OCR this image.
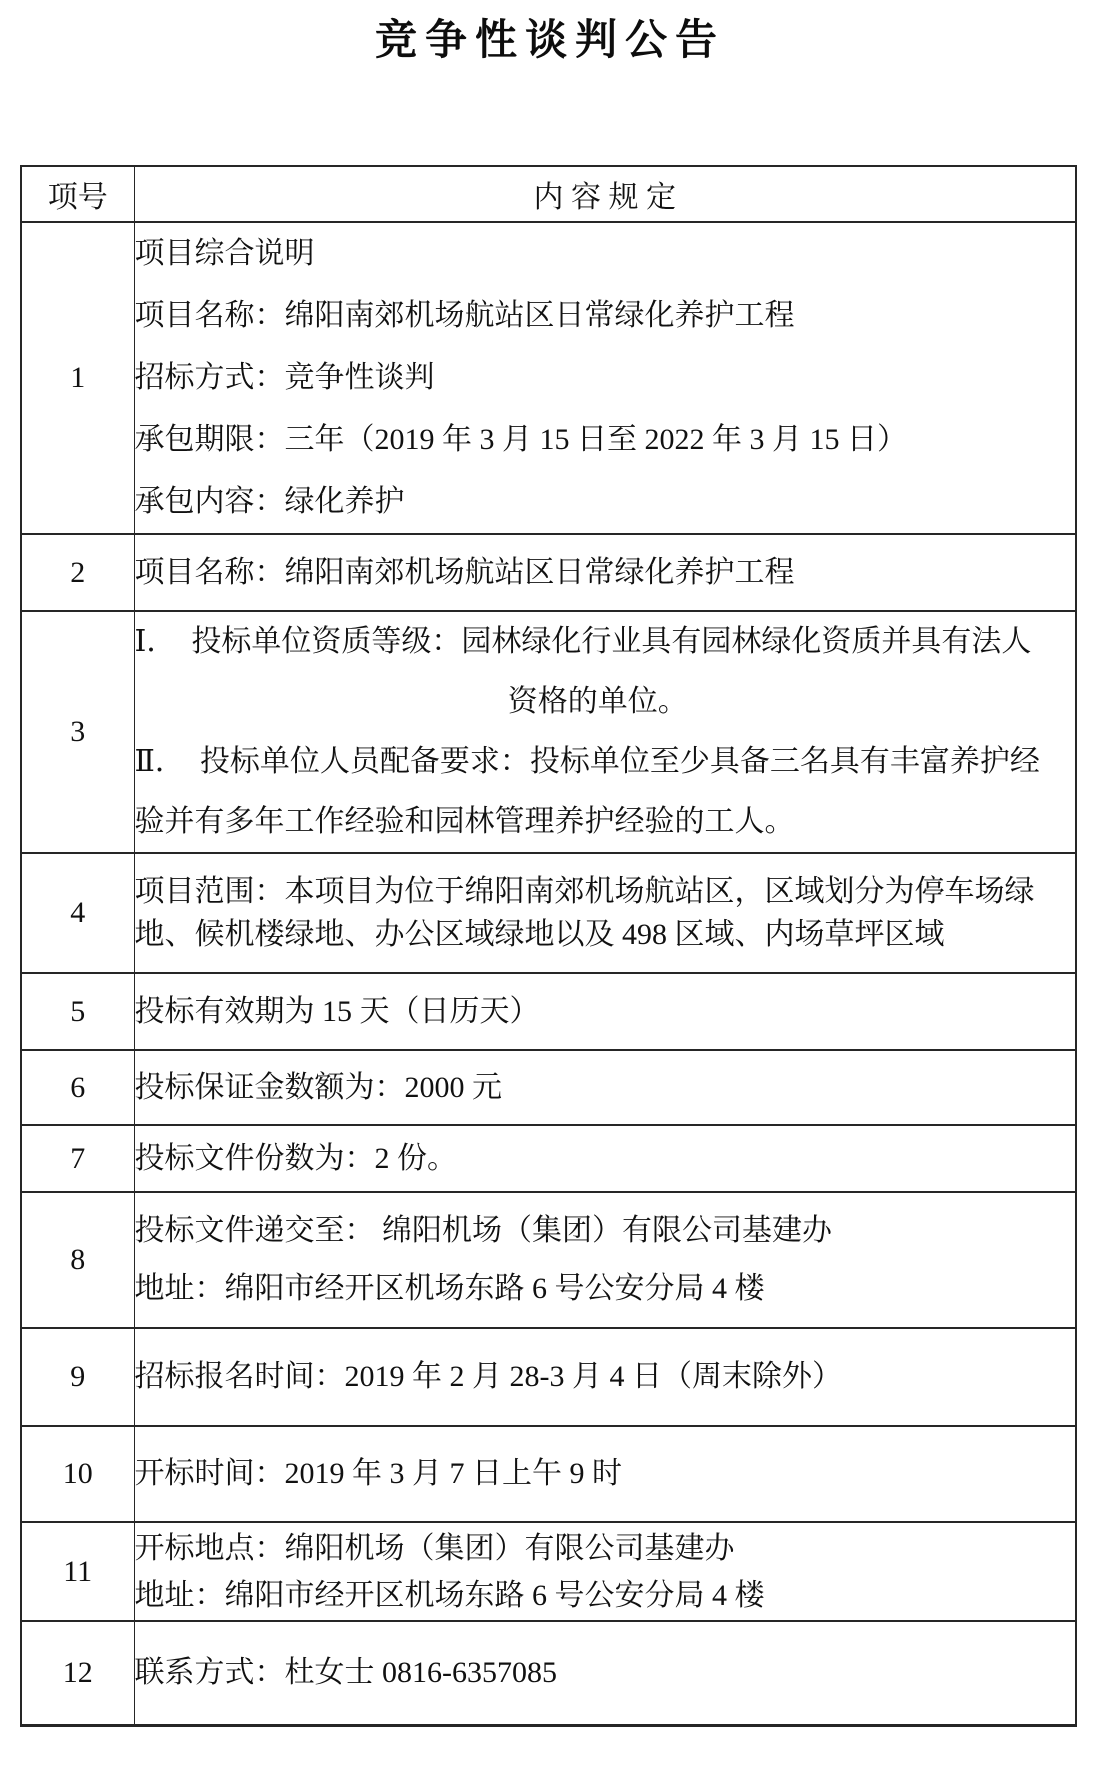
竞争性谈判公告
项号	内 容 规 定
1	项目综合说明
项目名称：绵阳南郊机场航站区日常绿化养护工程
招标方式：竞争性谈判
承包期限：三年（2019 年 3 月 15 日至 2022 年 3 月 15 日）
承包内容：绿化养护

2	项目名称：绵阳南郊机场航站区日常绿化养护工程

3	Ⅰ．  投标单位资质等级：园林绿化行业具有园林绿化资质并具有法人
资格的单位。
Ⅱ．  投标单位人员配备要求：投标单位至少具备三名具有丰富养护经
验并有多年工作经验和园林管理养护经验的工人。

4	项目范围：本项目为位于绵阳南郊机场航站区，区域划分为停车场绿
地、候机楼绿地、办公区域绿地以及 498 区域、内场草坪区域

5	投标有效期为 15 天（日历天）

6	投标保证金数额为：2000 元

7	投标文件份数为：2 份。

8	投标文件递交至： 绵阳机场（集团）有限公司基建办
地址：绵阳市经开区机场东路 6 号公安分局 4 楼

9	招标报名时间：2019 年 2 月 28-3 月 4 日（周末除外）

10	开标时间：2019 年 3 月 7 日上午 9 时

11	开标地点：绵阳机场（集团）有限公司基建办
地址：绵阳市经开区机场东路 6 号公安分局 4 楼

12	联系方式：杜女士 0816-6357085
